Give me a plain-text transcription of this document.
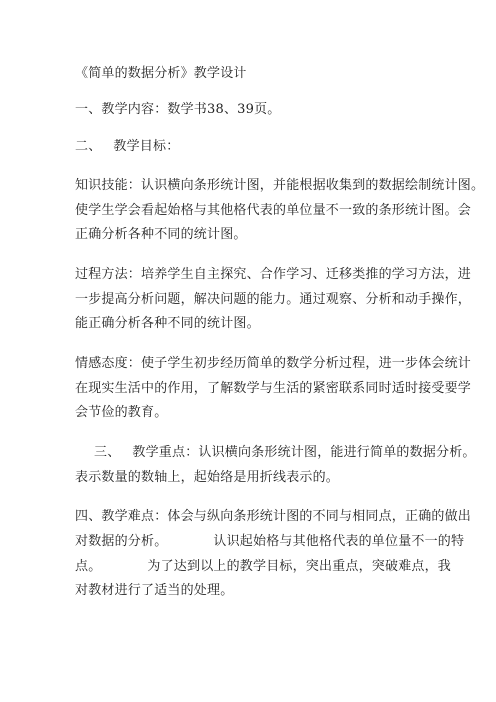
《简单的数据分析》教学设计
一、教学内容：数学书38、39页。
二、 教学目标：
知识技能：认识横向条形统计图，并能根据收集到的数据绘制统计图。
使学生学会看起始格与其他格代表的单位量不一致的条形统计图。会
正确分析各种不同的统计图。
过程方法：培养学生自主探究、合作学习、迁移类推的学习方法，进
一步提高分析问题，解决问题的能力。通过观察、分析和动手操作，
能正确分析各种不同的统计图。
情感态度：使子学生初步经历简单的数学分析过程，进一步体会统计
在现实生活中的作用，了解数学与生活的紧密联系同时适时接受要学
会节俭的教育。
三、 教学重点：认识横向条形统计图，能进行简单的数据分析。
表示数量的数轴上，起始络是用折线表示的。
四、教学难点：体会与纵向条形统计图的不同与相同点，正确的做出
对数据的分析。	认识起始格与其他格代表的单位量不一的特
点。	为了达到以上的教学目标，突出重点，突破难点，我
对教材进行了适当的处理。
